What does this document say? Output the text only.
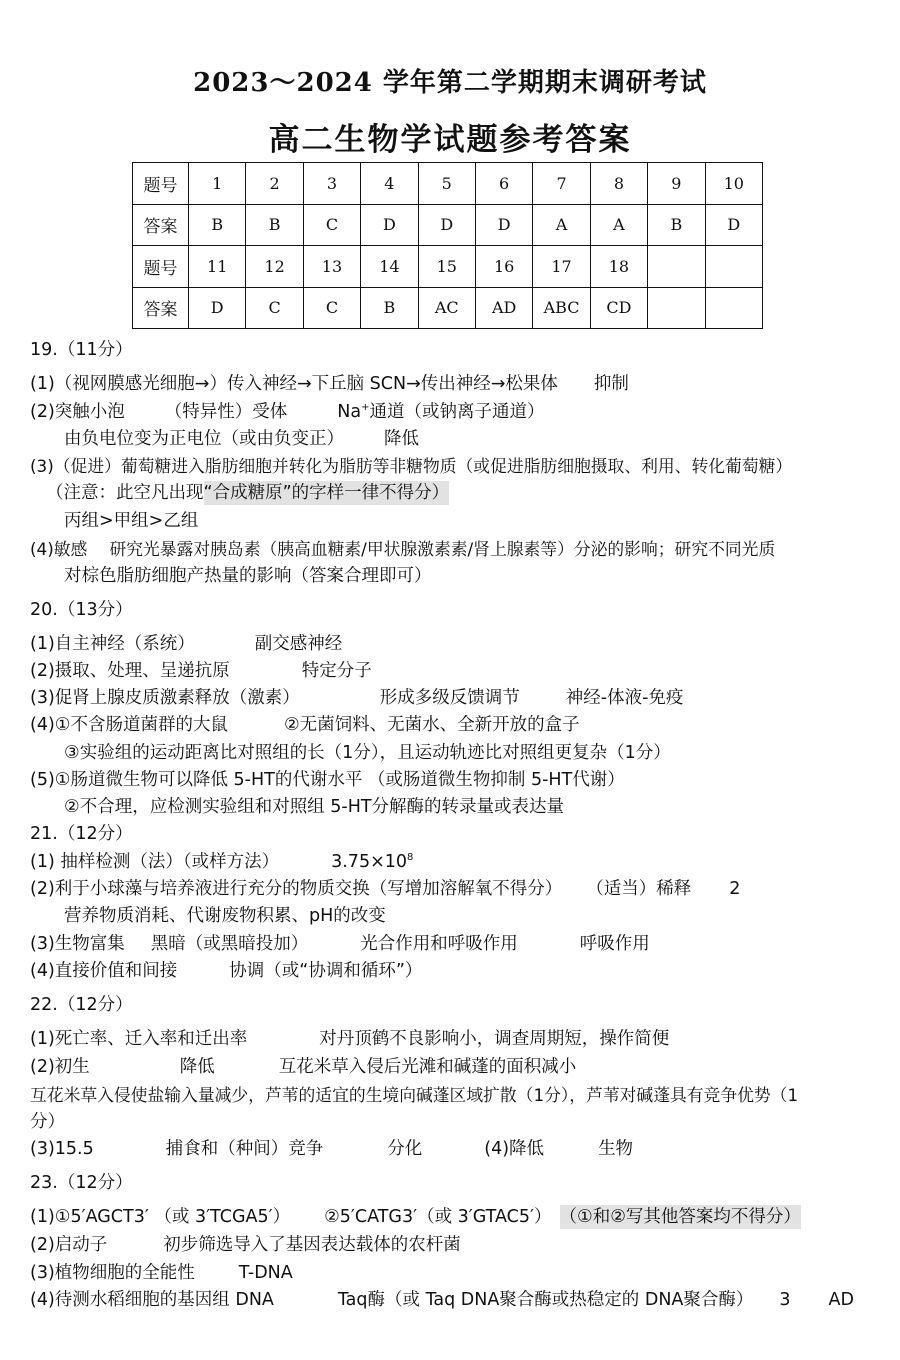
2023～2024 学年第二学期期末调研考试
高二生物学试题参考答案
题号	1	2	3	4	5	6	7	8	9	10
答案	B	B	C	D	D	D	A	A	B	D
题号	11	12	13	14	15	16	17	18		
答案	D	C	C	B	AC	AD	ABC	CD		
19.（11分）
(1)（视网膜感光细胞→）传入神经→下丘脑 SCN→传出神经→松果体 抑制
(2)突触小泡 （特异性）受体	Na+通道（或钠离子通道）
由负电位变为正电位（或由负变正） 降低
(3)（促进）葡萄糖进入脂肪细胞并转化为脂肪等非糖物质（或促进脂肪细胞摄取、利用、转化葡萄糖）
（注意：此空凡出现“合成糖原”的字样一律不得分）
丙组>甲组>乙组
(4)敏感　 研究光暴露对胰岛素（胰高血糖素/甲状腺激素素/肾上腺素等）分泌的影响；研究不同光质
对棕色脂肪细胞产热量的影响（答案合理即可）
20.（13分）
(1)自主神经（系统）	副交感神经
(2)摄取、处理、呈递抗原	特定分子
(3)促肾上腺皮质激素释放（激素）	形成多级反馈调节	神经-体液-免疫
(4)①不含肠道菌群的大鼠	②无菌饲料、无菌水、全新开放的盒子
③实验组的运动距离比对照组的长（1分），且运动轨迹比对照组更复杂（1分）
(5)①肠道微生物可以降低 5-HT的代谢水平 （或肠道微生物抑制 5-HT代谢）
②不合理，应检测实验组和对照组 5-HT分解酶的转录量或表达量
21.（12分）
(1) 抽样检测（法）（或样方法）	3.75×108
(2)利于小球藻与培养液进行充分的物质交换（写增加溶解氧不得分） （适当）稀释 2
营养物质消耗、代谢废物积累、pH的改变
(3)生物富集 黑暗（或黑暗投加）	光合作用和呼吸作用	呼吸作用
(4)直接价值和间接	协调（或“协调和循环”）
22.（12分）
(1)死亡率、迁入率和迁出率	对丹顶鹤不良影响小，调查周期短，操作简便
(2)初生	降低	互花米草入侵后光滩和碱蓬的面积减小
互花米草入侵使盐输入量减少，芦苇的适宜的生境向碱蓬区域扩散（1分），芦苇对碱蓬具有竞争优势（1
分）
(3)15.5	捕食和（种间）竞争	分化	(4)降低	生物
23.（12分）
(1)①5′AGCT3′ （或 3′TCGA5′） ②5′CATG3′（或 3′GTAC5′） （①和②写其他答案均不得分）
(2)启动子	初步筛选导入了基因表达载体的农杆菌
(3)植物细胞的全能性	T-DNA
(4)待测水稻细胞的基因组 DNA	Taq酶（或 Taq DNA聚合酶或热稳定的 DNA聚合酶） 3 AD
